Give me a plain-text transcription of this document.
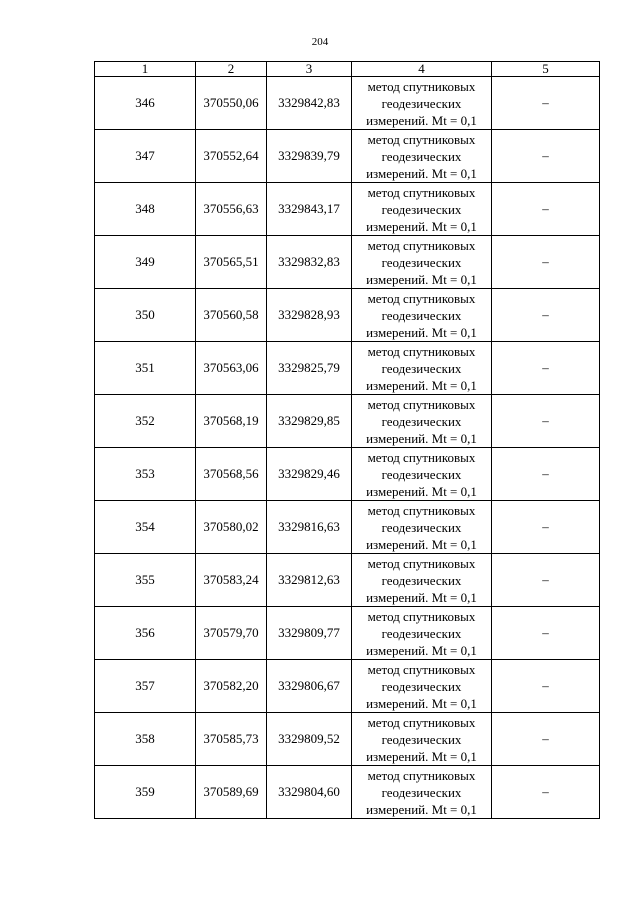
204
1	2	3	4	5
346	370550,06	3329842,83	метод спутниковых
геодезических
измерений. Mt = 0,1	–
347	370552,64	3329839,79	метод спутниковых
геодезических
измерений. Mt = 0,1	–
348	370556,63	3329843,17	метод спутниковых
геодезических
измерений. Mt = 0,1	–
349	370565,51	3329832,83	метод спутниковых
геодезических
измерений. Mt = 0,1	–
350	370560,58	3329828,93	метод спутниковых
геодезических
измерений. Mt = 0,1	–
351	370563,06	3329825,79	метод спутниковых
геодезических
измерений. Mt = 0,1	–
352	370568,19	3329829,85	метод спутниковых
геодезических
измерений. Mt = 0,1	–
353	370568,56	3329829,46	метод спутниковых
геодезических
измерений. Mt = 0,1	–
354	370580,02	3329816,63	метод спутниковых
геодезических
измерений. Mt = 0,1	–
355	370583,24	3329812,63	метод спутниковых
геодезических
измерений. Mt = 0,1	–
356	370579,70	3329809,77	метод спутниковых
геодезических
измерений. Mt = 0,1	–
357	370582,20	3329806,67	метод спутниковых
геодезических
измерений. Mt = 0,1	–
358	370585,73	3329809,52	метод спутниковых
геодезических
измерений. Mt = 0,1	–
359	370589,69	3329804,60	метод спутниковых
геодезических
измерений. Mt = 0,1	–
